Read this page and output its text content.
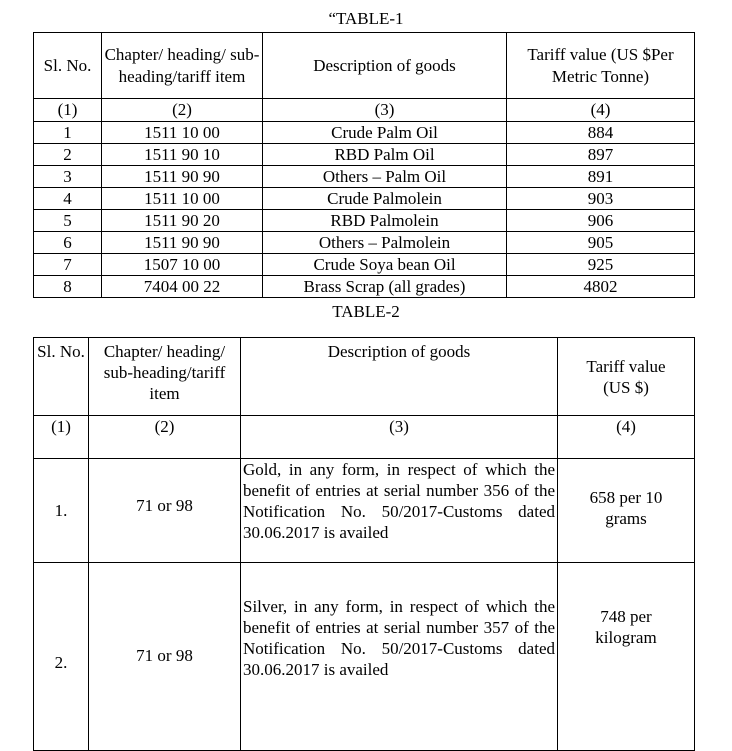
“TABLE-1
Sl. No.	Chapter/ heading/ sub-heading/tariff item	Description of goods	Tariff value (US $Per Metric Tonne)
(1)	(2)	(3)	(4)
1	1511 10 00	Crude Palm Oil	884
2	1511 90 10	RBD Palm Oil	897
3	1511 90 90	Others – Palm Oil	891
4	1511 10 00	Crude Palmolein	903
5	1511 90 20	RBD Palmolein	906
6	1511 90 90	Others – Palmolein	905
7	1507 10 00	Crude Soya bean Oil	925
8	7404 00 22	Brass Scrap (all grades)	4802
TABLE-2
Sl. No.	Chapter/ heading/ sub-heading/tariff item	Description of goods	Tariff value (US $)
(1)	(2)	(3)	(4)
1.	71 or 98	Gold, in any form, in respect of which the benefit of entries at serial number 356 of the Notification No. 50/2017-Customs dated 30.06.2017 is availed	658 per 10 grams
2.	71 or 98	Silver, in any form, in respect of which the benefit of entries at serial number 357 of the Notification No. 50/2017-Customs dated 30.06.2017 is availed	748 per kilogram
